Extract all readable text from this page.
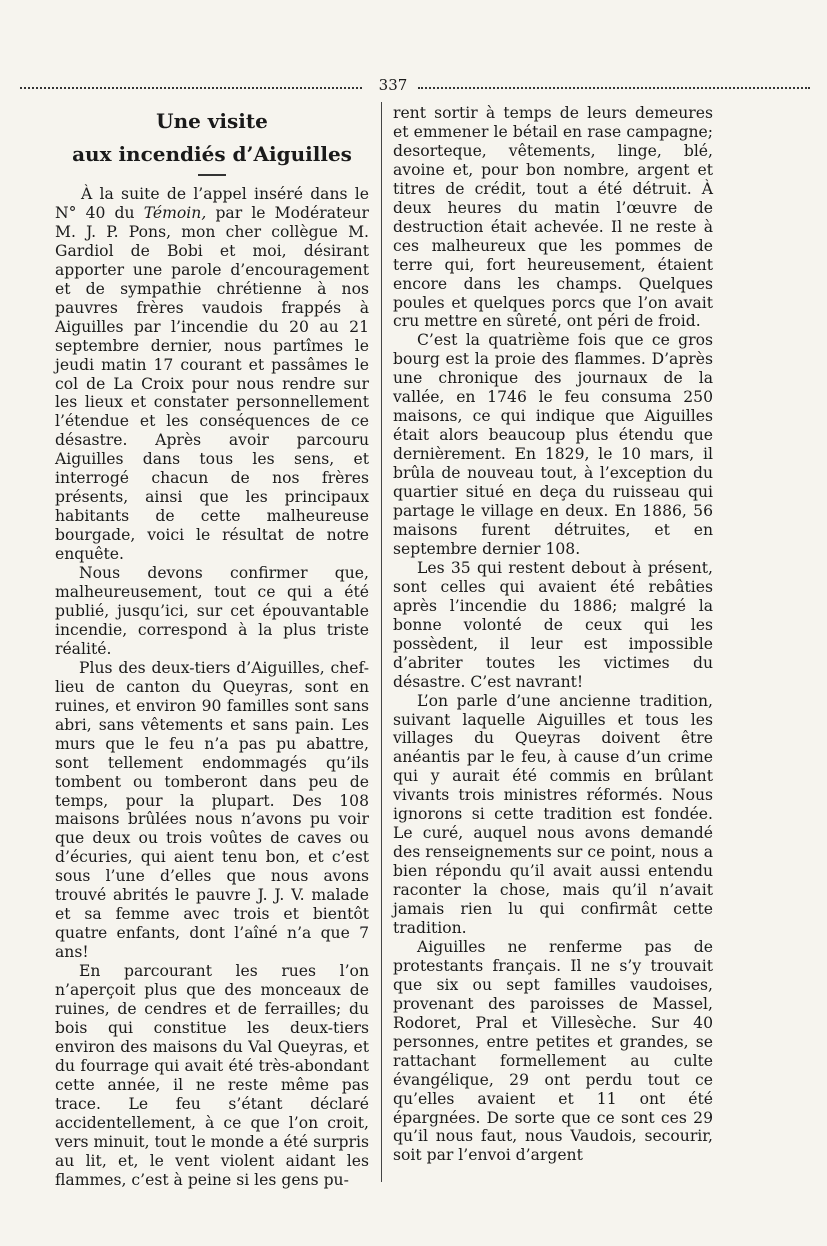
337
Une visite
aux incendiés d’Aiguilles

À la suite de l’appel inséré dans le N° 40 du Témoin, par le Modérateur M. J. P. Pons, mon cher collègue M. Gardiol de Bobi et moi, désirant apporter une parole d’encouragement et de sympathie chrétienne à nos pauvres frères vaudois frappés à Aiguilles par l’incendie du 20 au 21 septembre dernier, nous partîmes le jeudi matin 17 courant et passâmes le col de La Croix pour nous rendre sur les lieux et constater personnellement l’étendue et les conséquences de ce désastre. Après avoir parcouru Aiguilles dans tous les sens, et interrogé chacun de nos frères présents, ainsi que les principaux habitants de cette malheureuse bourgade, voici le résultat de notre enquête.

Nous devons confirmer que, malheureusement, tout ce qui a été publié, jusqu’ici, sur cet épouvantable incendie, correspond à la plus triste réalité.

Plus des deux-tiers d’Aiguilles, chef-lieu de canton du Queyras, sont en ruines, et environ 90 familles sont sans abri, sans vêtements et sans pain. Les murs que le feu n’a pas pu abattre, sont tellement endommagés qu’ils tombent ou tomberont dans peu de temps, pour la plupart. Des 108 maisons brûlées nous n’avons pu voir que deux ou trois voûtes de caves ou d’écuries, qui aient tenu bon, et c’est sous l’une d’elles que nous avons trouvé abrités le pauvre J. J. V. malade et sa femme avec trois et bientôt quatre enfants, dont l’aîné n’a que 7 ans!

En parcourant les rues l’on n’aperçoit plus que des monceaux de ruines, de cendres et de ferrailles; du bois qui constitue les deux-tiers environ des maisons du Val Queyras, et du fourrage qui avait été très-abondant cette année, il ne reste même pas trace. Le feu s’étant déclaré accidentellement, à ce que l’on croit, vers minuit, tout le monde a été surpris au lit, et, le vent violent aidant les flammes, c’est à peine si les gens pu-

rent sortir à temps de leurs demeures et emmener le bétail en rase campagne; desorteque, vêtements, linge, blé, avoine et, pour bon nombre, argent et titres de crédit, tout a été détruit. À deux heures du matin l’œuvre de destruction était achevée. Il ne reste à ces malheureux que les pommes de terre qui, fort heureusement, étaient encore dans les champs. Quelques poules et quelques porcs que l’on avait cru mettre en sûreté, ont péri de froid.

C’est la quatrième fois que ce gros bourg est la proie des flammes. D’après une chronique des journaux de la vallée, en 1746 le feu consuma 250 maisons, ce qui indique que Aiguilles était alors beaucoup plus étendu que dernièrement. En 1829, le 10 mars, il brûla de nouveau tout, à l’exception du quartier situé en deça du ruisseau qui partage le village en deux. En 1886, 56 maisons furent détruites, et en septembre dernier 108.

Les 35 qui restent debout à présent, sont celles qui avaient été rebâties après l’incendie du 1886; malgré la bonne volonté de ceux qui les possèdent, il leur est impossible d’abriter toutes les victimes du désastre. C’est navrant!

L’on parle d’une ancienne tradition, suivant laquelle Aiguilles et tous les villages du Queyras doivent être anéantis par le feu, à cause d’un crime qui y aurait été commis en brûlant vivants trois ministres réformés. Nous ignorons si cette tradition est fondée. Le curé, auquel nous avons demandé des renseignements sur ce point, nous a bien répondu qu’il avait aussi entendu raconter la chose, mais qu’il n’avait jamais rien lu qui confirmât cette tradition.

Aiguilles ne renferme pas de protestants français. Il ne s’y trouvait que six ou sept familles vaudoises, provenant des paroisses de Massel, Rodoret, Pral et Villesèche. Sur 40 personnes, entre petites et grandes, se rattachant formellement au culte évangélique, 29 ont perdu tout ce qu’elles avaient et 11 ont été épargnées. De sorte que ce sont ces 29 qu’il nous faut, nous Vaudois, secourir, soit par l’envoi d’argent
